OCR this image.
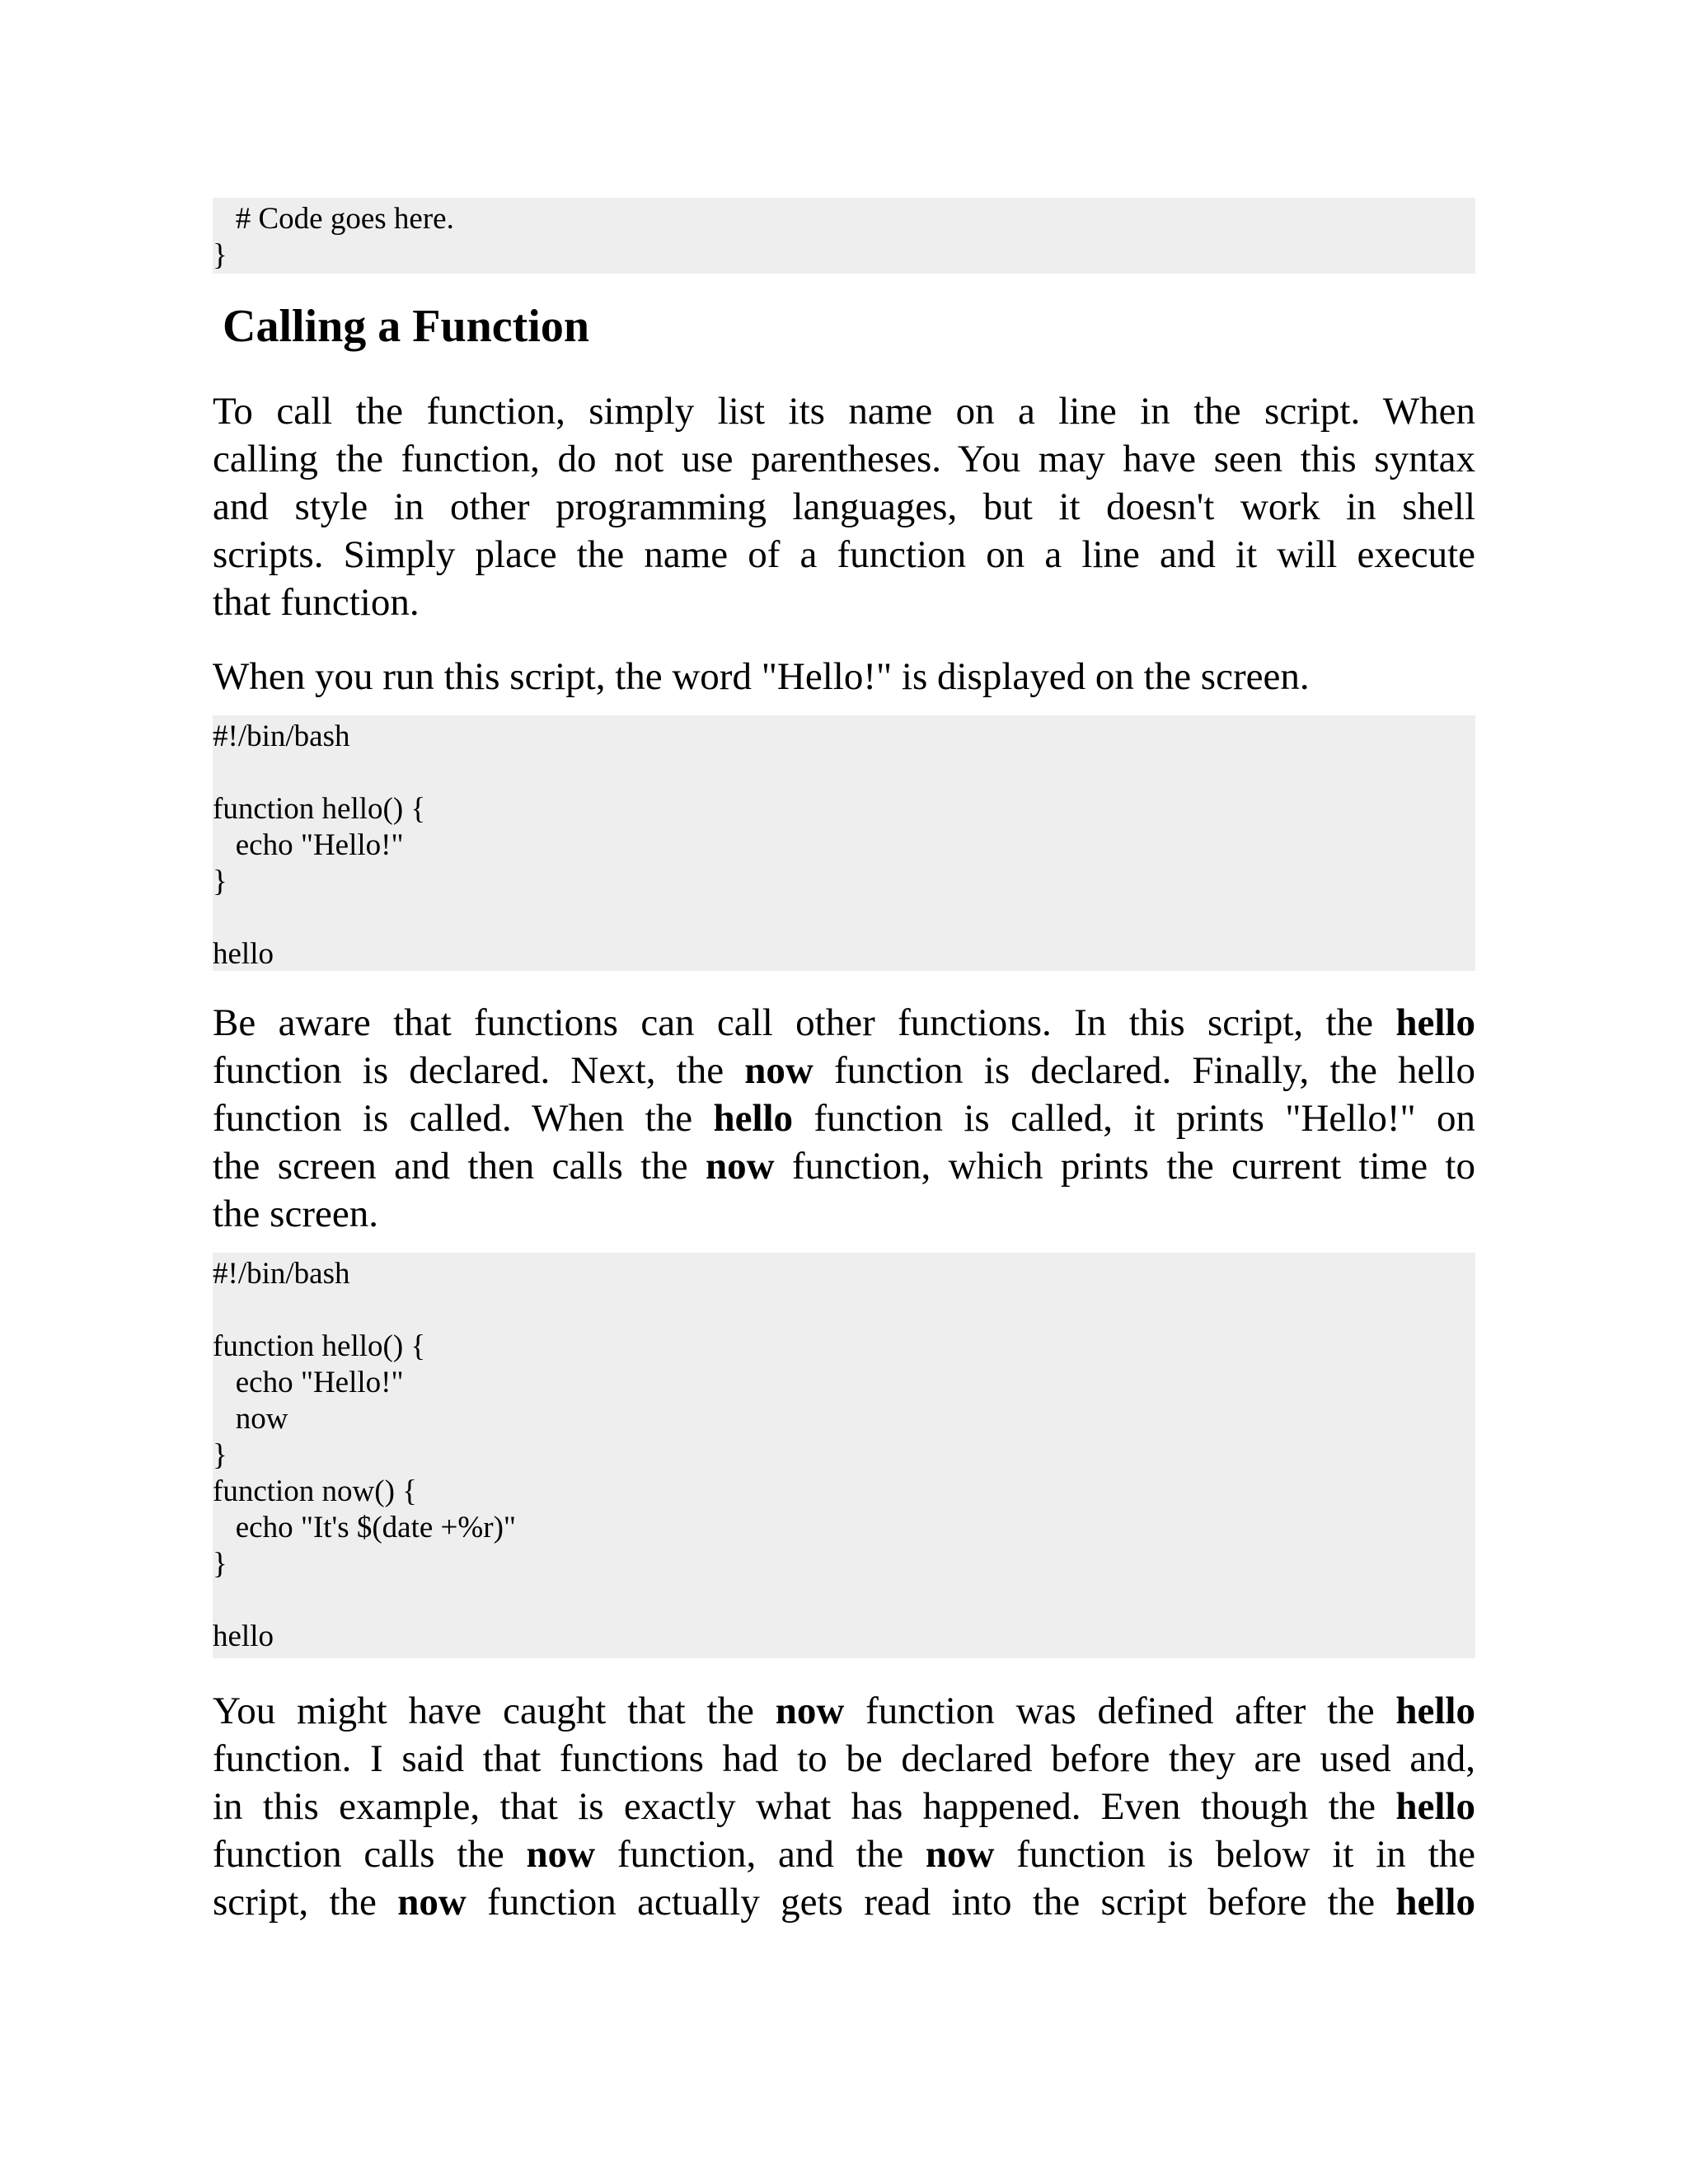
# Code goes here.
}
Calling a Function
To call the function, simply list its name on a line in the script. When
calling the function, do not use parentheses. You may have seen this syntax
and style in other programming languages, but it doesn't work in shell
scripts. Simply place the name of a function on a line and it will execute
that function.
When you run this script, the word "Hello!" is displayed on the screen.
#!/bin/bash
function hello() {
echo "Hello!"
}
hello
Be aware that functions can call other functions. In this script, the hello
function is declared. Next, the now function is declared. Finally, the hello
function is called. When the hello function is called, it prints "Hello!" on
the screen and then calls the now function, which prints the current time to
the screen.
#!/bin/bash
function hello() {
echo "Hello!"
now
}
function now() {
echo "It's $(date +%r)"
}
hello
You might have caught that the now function was defined after the hello
function. I said that functions had to be declared before they are used and,
in this example, that is exactly what has happened. Even though the hello
function calls the now function, and the now function is below it in the
script, the now function actually gets read into the script before the hello
